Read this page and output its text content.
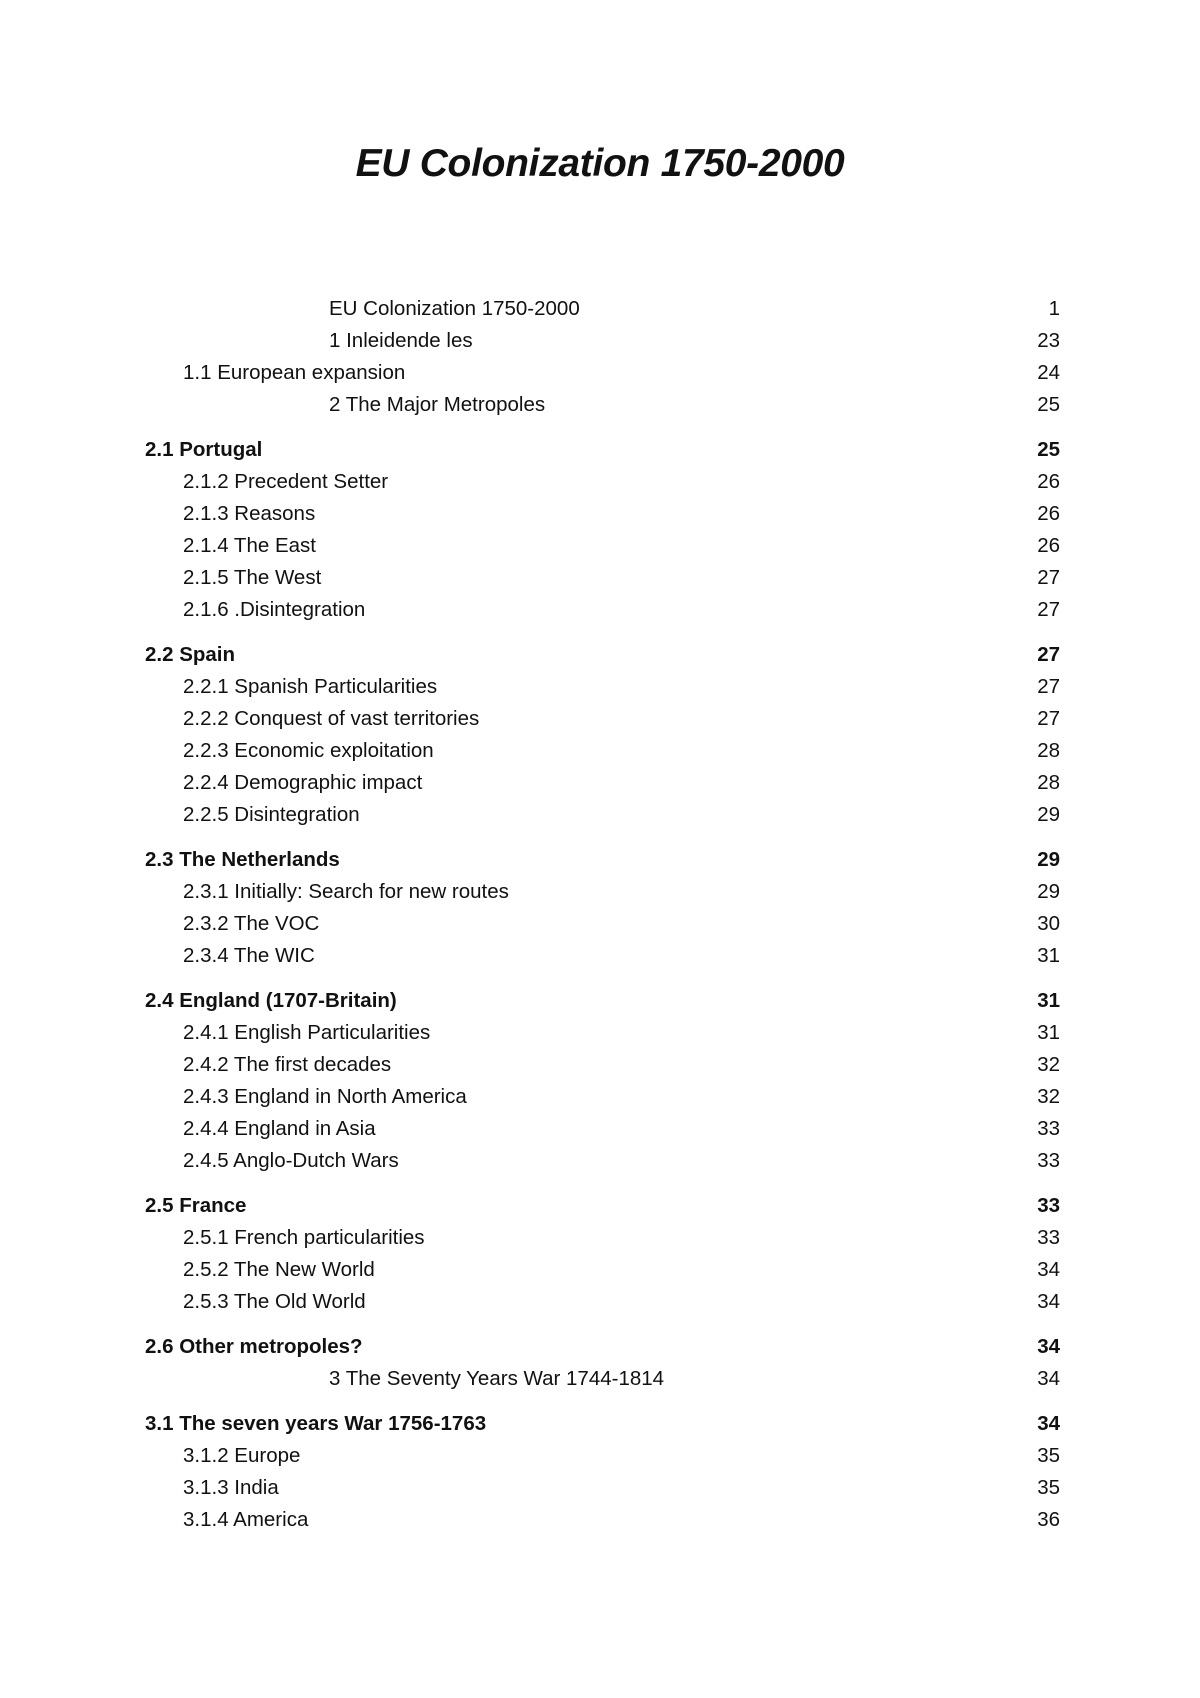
EU Colonization 1750-2000
EU Colonization 1750-2000	1
1 Inleidende les	23
1.1 European expansion	24
2 The Major Metropoles	25
2.1 Portugal	25
2.1.2 Precedent Setter	26
2.1.3 Reasons	26
2.1.4 The East	26
2.1.5 The West	27
2.1.6 .Disintegration	27
2.2 Spain	27
2.2.1 Spanish Particularities	27
2.2.2 Conquest of vast territories	27
2.2.3 Economic exploitation	28
2.2.4 Demographic impact	28
2.2.5 Disintegration	29
2.3 The Netherlands	29
2.3.1 Initially: Search for new routes	29
2.3.2 The VOC	30
2.3.4 The WIC	31
2.4 England (1707-Britain)	31
2.4.1 English Particularities	31
2.4.2 The first decades	32
2.4.3 England in North America	32
2.4.4 England in Asia	33
2.4.5 Anglo-Dutch Wars	33
2.5 France	33
2.5.1 French particularities	33
2.5.2 The New World	34
2.5.3 The Old World	34
2.6 Other metropoles?	34
3 The Seventy Years War 1744-1814	34
3.1 The seven years War 1756-1763	34
3.1.2 Europe	35
3.1.3 India	35
3.1.4 America	36
